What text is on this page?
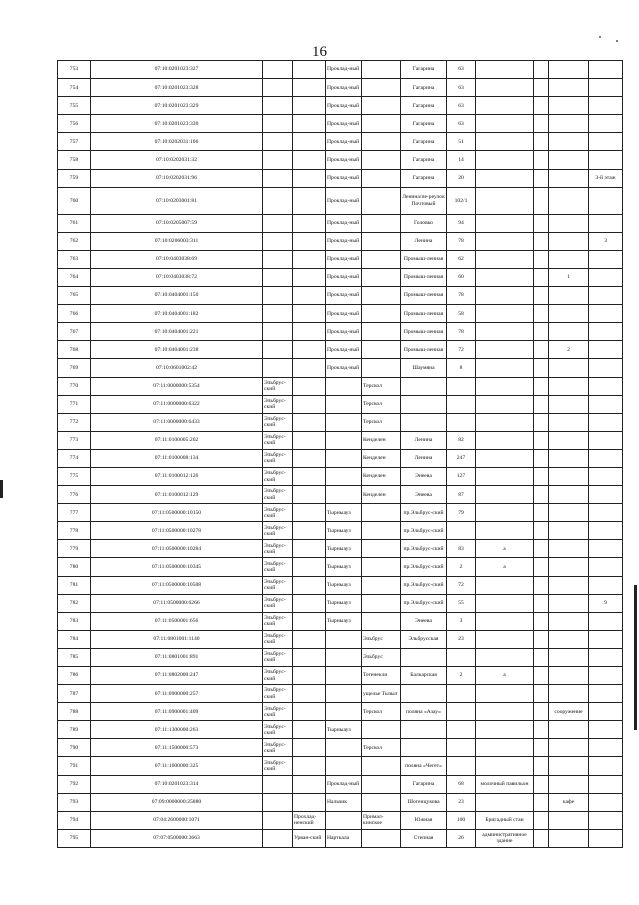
16
753	07:10:0201023:327			Проклад-ный		Гагарина	63				
754	07:10:0201023:328			Проклад-ный		Гагарина	63				
755	07:10:0201023:329			Проклад-ный		Гагарина	63				
756	07:10:0201023:330			Проклад-ный		Гагарина	63				
757	07:10:0202031:106			Проклад-ный		Гагарина	51				
758	07:10:0202031:32			Проклад-ный		Гагарина	14				
759	07:10:0202031:96			Проклад-ный		Гагарина	20				3-й этаж
760	07:10:0203001:81			Проклад-ный		Ленина/пе-реулок Почтовый	102/1				
761	07:10:0205007:59			Проклад-ный		Головко	94				
762	07:10:0206003:311			Проклад-ный		Ленина	78				3
763	07:10:0403038:69			Проклад-ный		Промыш-ленная	62				
764	07:10:0403038:72			Проклад-ный		Промыш-ленная	60			1	
765	07:10:0404001:150			Проклад-ный		Промыш-ленная	78				
766	07:10:0404001:182			Проклад-ный		Промыш-ленная	58				
767	07:10:0404001:221			Проклад-ный		Промыш-ленная	78				
768	07:10:0404001:238			Проклад-ный		Промыш-ленная	72			2	
769	07:10:0601002:42			Проклад-ный		Шаумяна	8				
770	07:11:0000000:5354	Эльбрус-ский			Терскол						
771	07:11:0000000:6322	Эльбрус-ский			Терскол						
772	07:11:0000000:6433	Эльбрус-ский			Терскол						
773	07:11:0100005:202	Эльбрус-ский			Кенделен	Ленина	82				
774	07:11:0100008:134	Эльбрус-ский			Кенделен	Ленина	247				
775	07:11:0100012:126	Эльбрус-ский			Кенделен	Энеева	127				
776	07:11:0100012:129	Эльбрус-ский			Кенделен	Энеева	87				
777	07:11:0500000:10150	Эльбрус-ский		Тырныауз		пр.Эльбрус-ский	79				
778	07:11:0500000:10278	Эльбрус-ский		Тырныауз		пр.Эльбрус-ский					
779	07:11:0500000:10284	Эльбрус-ский		Тырныауз		пр.Эльбрус-ский	83	а			
780	07:11:0500000:10345	Эльбрус-ский		Тырныауз		пр.Эльбрус-ский	2	а			
781	07:11:0500000:10508	Эльбрус-ский		Тырныауз		пр.Эльбрус-ский	72				
782	07:11:0500000:6266	Эльбрус-ский		Тырныауз		пр.Эльбрус-ский	55				9
783	07:11:0500001:656	Эльбрус-ский		Тырныауз		Энеева	3				
784	07:11:0801001:1140	Эльбрус-ский			Эльбрус	Эльбрусская	23				
785	07:11:0801001:891	Эльбрус-ский			Эльбрус						
786	07:11:0802000:247	Эльбрус-ский			Тегенекли	Балкарская	2	а			
787	07:11:0900000:257	Эльбрус-ский			ущелье Тызыл						
788	07:11:0900001:409	Эльбрус-ский			Терскол	поляна «Азау»				сооружение	
789	07:11:1300000:263	Эльбрус-ский		Тырныауз							
790	07:11:1500000:573	Эльбрус-ский			Терскол						
791	07:11:1600000:325	Эльбрус-ский				поляна «Чегет»					
792	07:10:0201023:314			Проклад-ный		Гагарина	68	молочный павильон			
793	07:09:0000000:25880			Нальчик		Шогенцукова	23			кафе	
794	07:04:2600000:1071		Прохлад-ненский		Примал-кинское	Южная	100	Бригадный стан			
795	07:07:0500000:3663		Урван-ский	Нарткала		Степная	26	административное здание			
